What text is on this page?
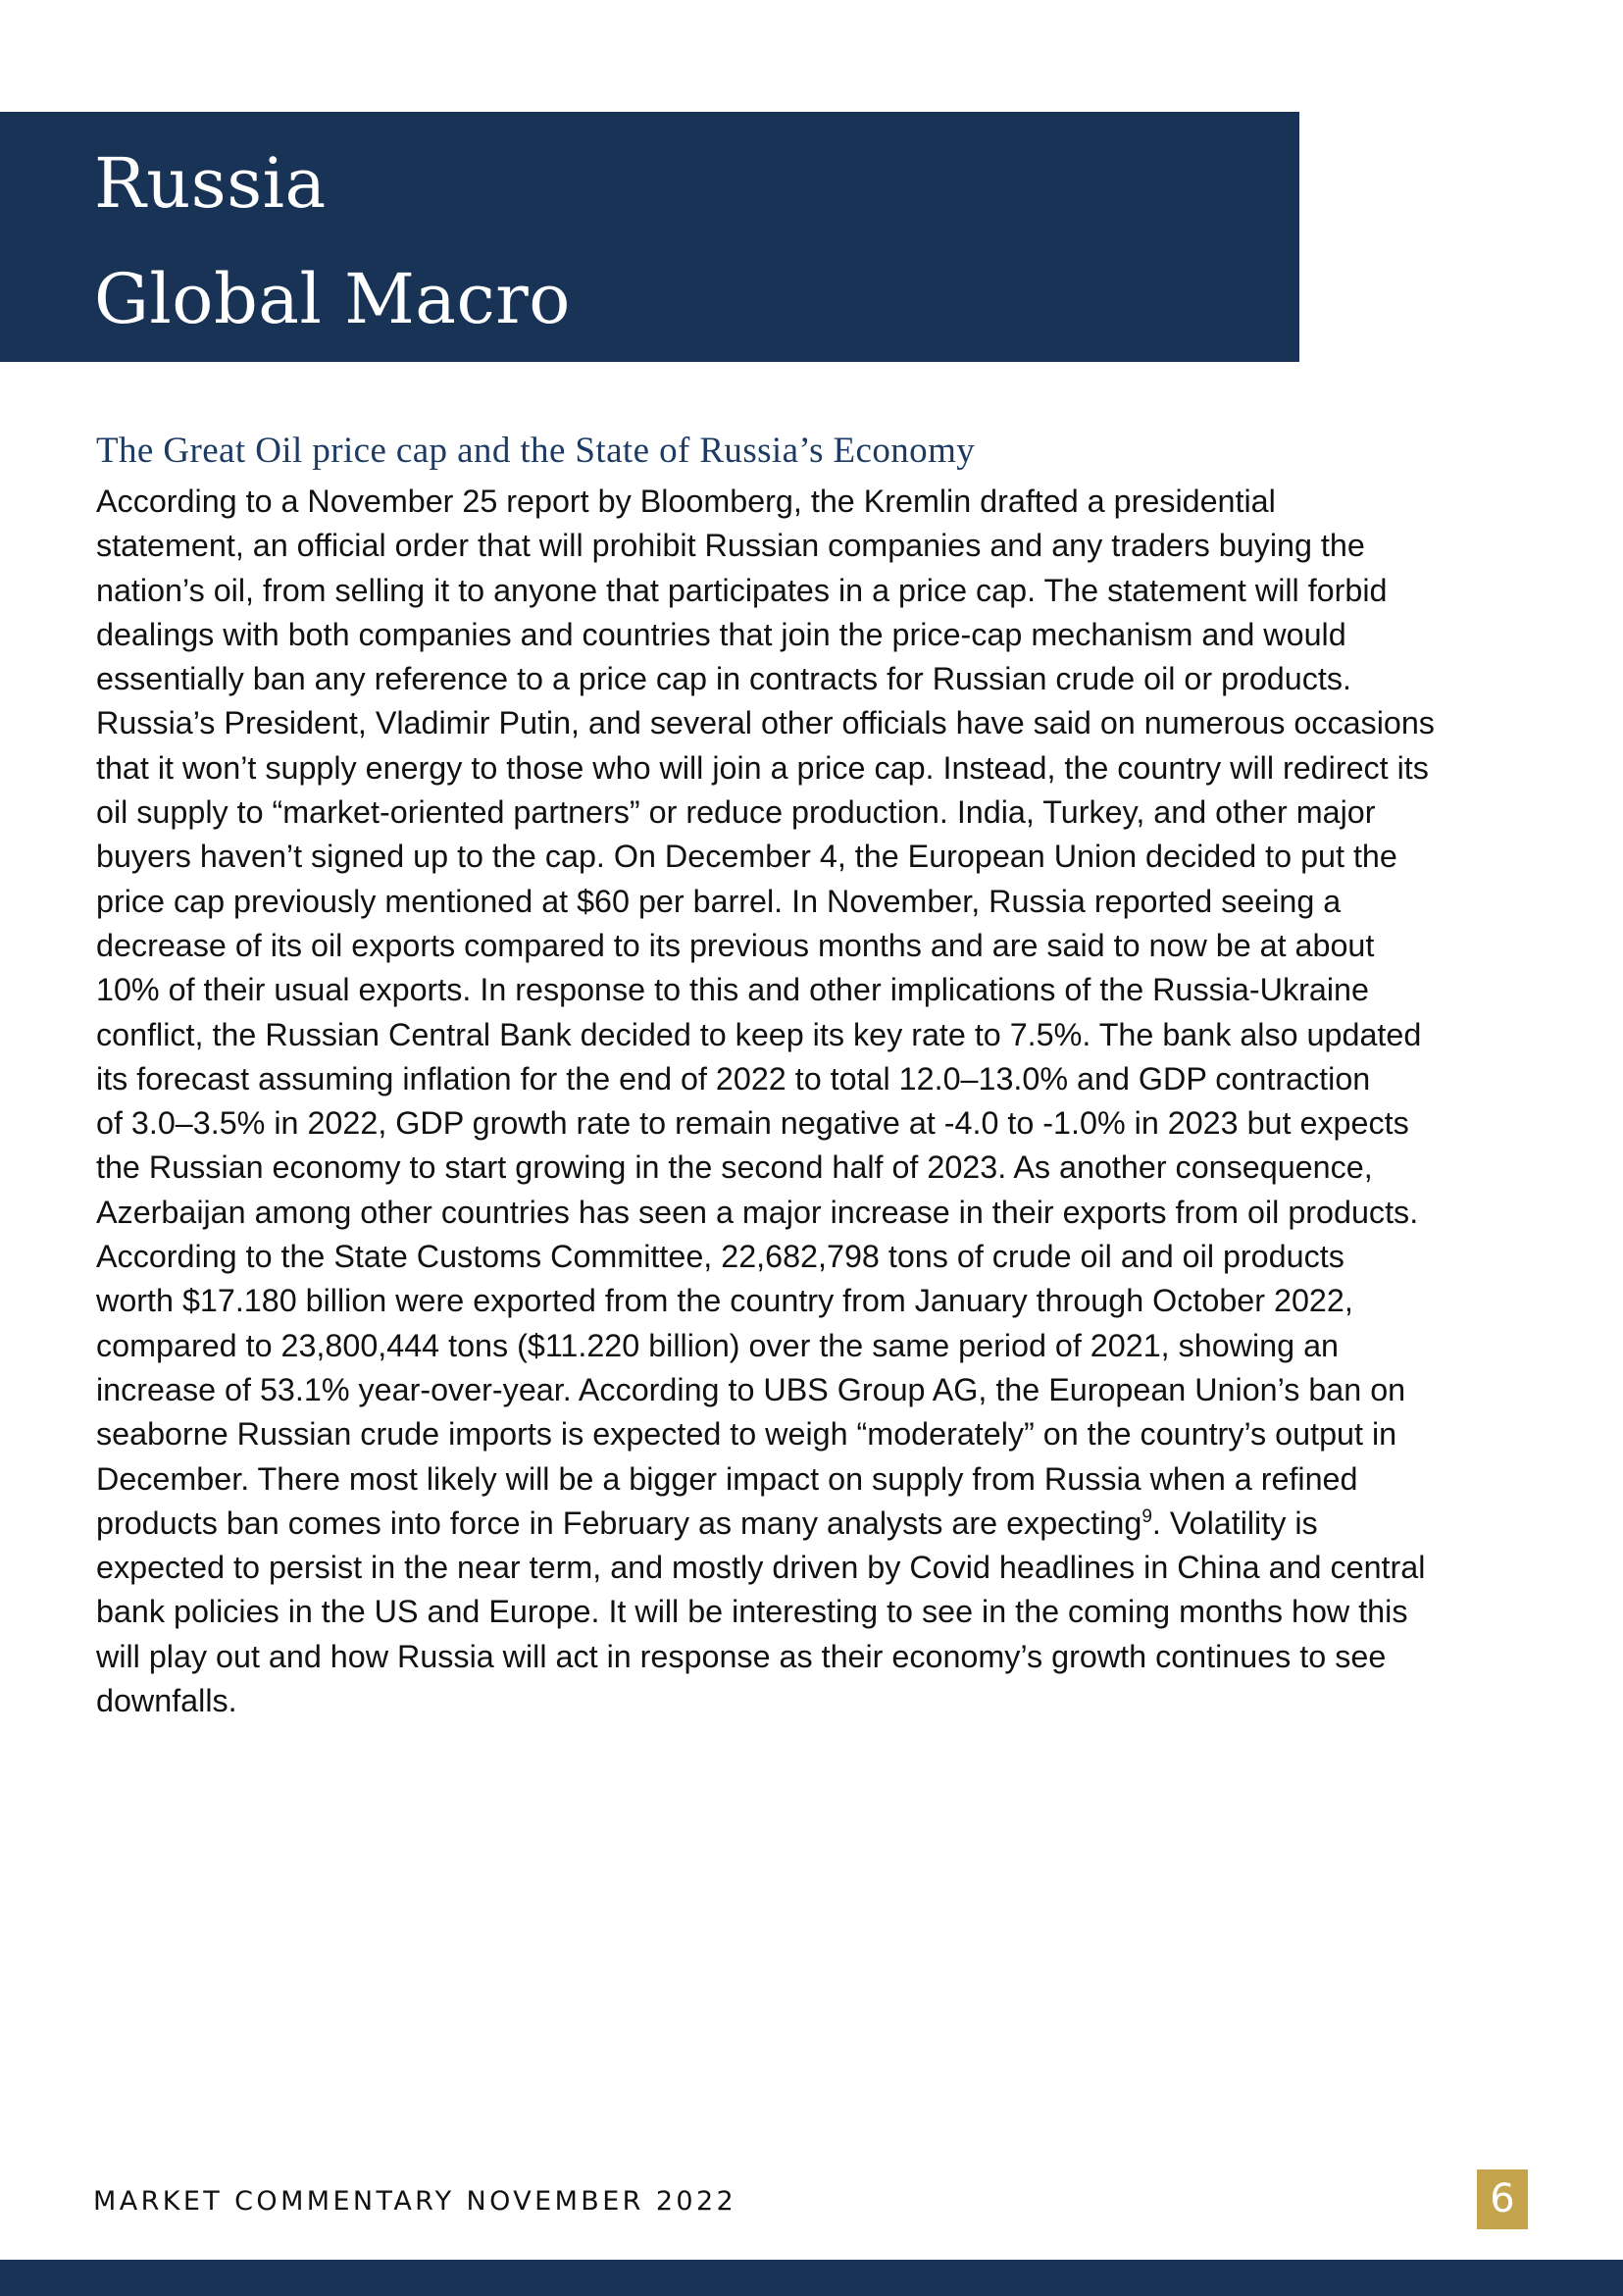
Russia
Global Macro
The Great Oil price cap and the State of Russia’s Economy
According to a November 25 report by Bloomberg, the Kremlin drafted a presidential
statement, an official order that will prohibit Russian companies and any traders buying the
nation’s oil, from selling it to anyone that participates in a price cap. The statement will forbid
dealings with both companies and countries that join the price-cap mechanism and would
essentially ban any reference to a price cap in contracts for Russian crude oil or products.
Russia’s President, Vladimir Putin, and several other officials have said on numerous occasions
that it won’t supply energy to those who will join a price cap. Instead, the country will redirect its
oil supply to “market-oriented partners” or reduce production. India, Turkey, and other major
buyers haven’t signed up to the cap. On December 4, the European Union decided to put the
price cap previously mentioned at $60 per barrel. In November, Russia reported seeing a
decrease of its oil exports compared to its previous months and are said to now be at about
10% of their usual exports. In response to this and other implications of the Russia-Ukraine
conflict, the Russian Central Bank decided to keep its key rate to 7.5%. The bank also updated
its forecast assuming inflation for the end of 2022 to total 12.0–13.0% and GDP contraction
of 3.0–3.5% in 2022, GDP growth rate to remain negative at -4.0 to -1.0% in 2023 but expects
the Russian economy to start growing in the second half of 2023. As another consequence,
Azerbaijan among other countries has seen a major increase in their exports from oil products.
According to the State Customs Committee, 22,682,798 tons of crude oil and oil products
worth $17.180 billion were exported from the country from January through October 2022,
compared to 23,800,444 tons ($11.220 billion) over the same period of 2021, showing an
increase of 53.1% year-over-year. According to UBS Group AG, the European Union’s ban on
seaborne Russian crude imports is expected to weigh “moderately” on the country’s output in
December. There most likely will be a bigger impact on supply from Russia when a refined
products ban comes into force in February as many analysts are expecting$^9$. Volatility is
expected to persist in the near term, and mostly driven by Covid headlines in China and central
bank policies in the US and Europe. It will be interesting to see in the coming months how this
will play out and how Russia will act in response as their economy’s growth continues to see
downfalls.

MARKET COMMENTARY NOVEMBER 2022	6
